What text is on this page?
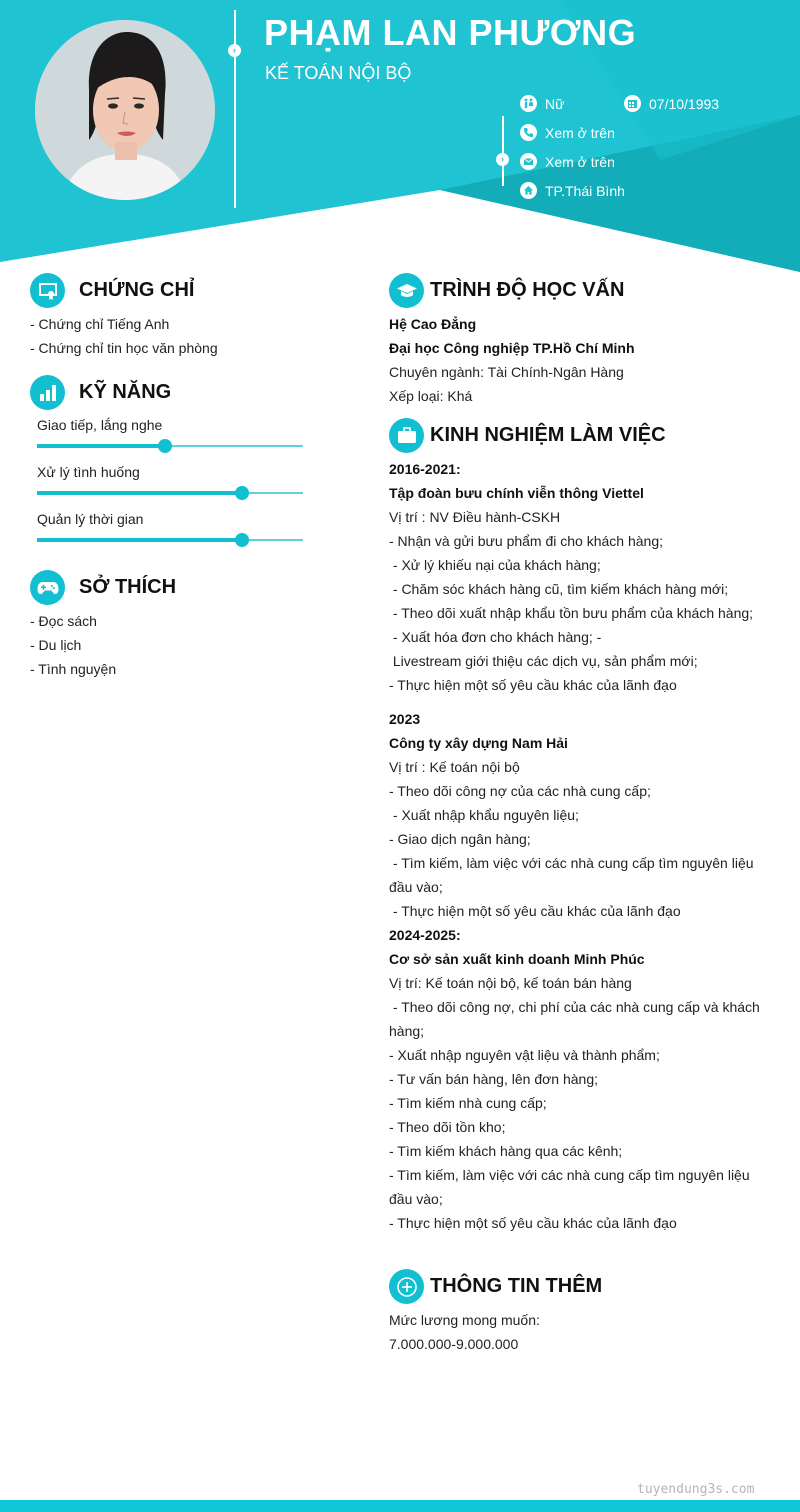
›
›
PHẠM LAN PHƯƠNG
KẾ TOÁN NỘI BỘ
Nữ	07/10/1993
Xem ở trên
Xem ở trên
TP.Thái Bình
CHỨNG CHỈ
- Chứng chỉ Tiếng Anh
- Chứng chỉ tin học văn phòng
KỸ NĂNG
Giao tiếp, lắng nghe
Xử lý tình huống
Quản lý thời gian
SỞ THÍCH
- Đọc sách
- Du lịch
- Tình nguyện
TRÌNH ĐỘ HỌC VẤN
Hệ Cao Đẳng
Đại học Công nghiệp TP.Hồ Chí Minh
Chuyên ngành: Tài Chính-Ngân Hàng
Xếp loại: Khá
KINH NGHIỆM LÀM VIỆC
2016-2021:
Tập đoàn bưu chính viễn thông Viettel
Vị trí : NV Điều hành-CSKH
- Nhận và gửi bưu phẩm đi cho khách hàng;
- Xử lý khiếu nại của khách hàng;
- Chăm sóc khách hàng cũ, tìm kiếm khách hàng mới;
- Theo dõi xuất nhập khẩu tồn bưu phẩm của khách hàng;
- Xuất hóa đơn cho khách hàng; -
Livestream giới thiệu các dịch vụ, sản phẩm mới;
- Thực hiện một số yêu cầu khác của lãnh đạo
2023
Công ty xây dựng Nam Hải
Vị trí : Kế toán nội bộ
- Theo dõi công nợ của các nhà cung cấp;
- Xuất nhập khẩu nguyên liệu;
- Giao dịch ngân hàng;
- Tìm kiếm, làm việc với các nhà cung cấp tìm nguyên liệu
đầu vào;
- Thực hiện một số yêu cầu khác của lãnh đạo
2024-2025:
Cơ sở sản xuất kinh doanh Minh Phúc
Vị trí: Kế toán nội bộ, kế toán bán hàng
- Theo dõi công nợ, chi phí của các nhà cung cấp và khách
hàng;
- Xuất nhập nguyên vật liệu và thành phẩm;
- Tư vấn bán hàng, lên đơn hàng;
- Tìm kiếm nhà cung cấp;
- Theo dõi tồn kho;
- Tìm kiếm khách hàng qua các kênh;
- Tìm kiếm, làm việc với các nhà cung cấp tìm nguyên liệu
đầu vào;
- Thực hiện một số yêu cầu khác của lãnh đạo
THÔNG TIN THÊM
Mức lương mong muốn:
7.000.000-9.000.000
tuyendung3s.com
